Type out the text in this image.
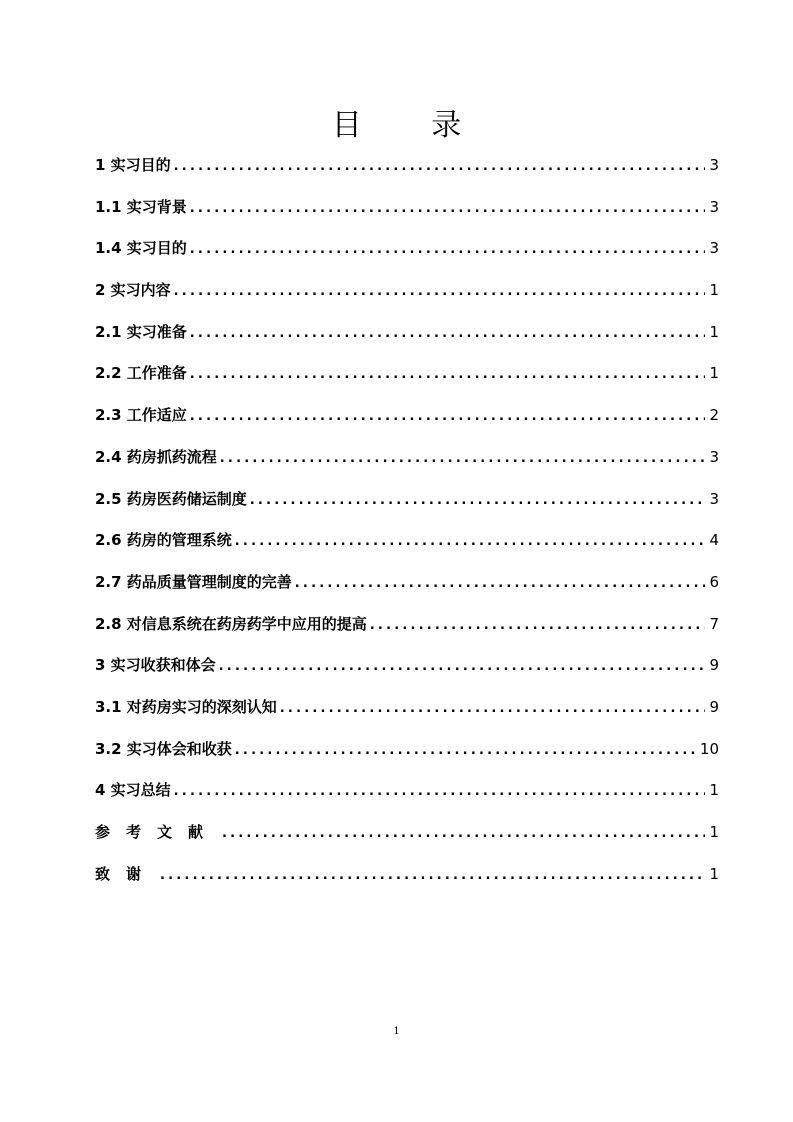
目 录
1 实习目的 .....	3
1.1 实习背景 .....	3
1.4 实习目的 .....	3
2 实习内容 .....	1
2.1 实习准备 .....	1
2.2 工作准备 .....	1
2.3 工作适应 .....	2
2.4 药房抓药流程 .....	3
2.5 药房医药储运制度 .....	3
2.6 药房的管理系统 .....	4
2.7 药品质量管理制度的完善 .....	6
2.8 对信息系统在药房药学中应用的提高 .....	7
3 实习收获和体会 .....	9
3.1 对药房实习的深刻认知 .....	9
3.2 实习体会和收获 .....	10
4 实习总结 .....	1
参考文献 .....	1
致谢 .....	1
1
